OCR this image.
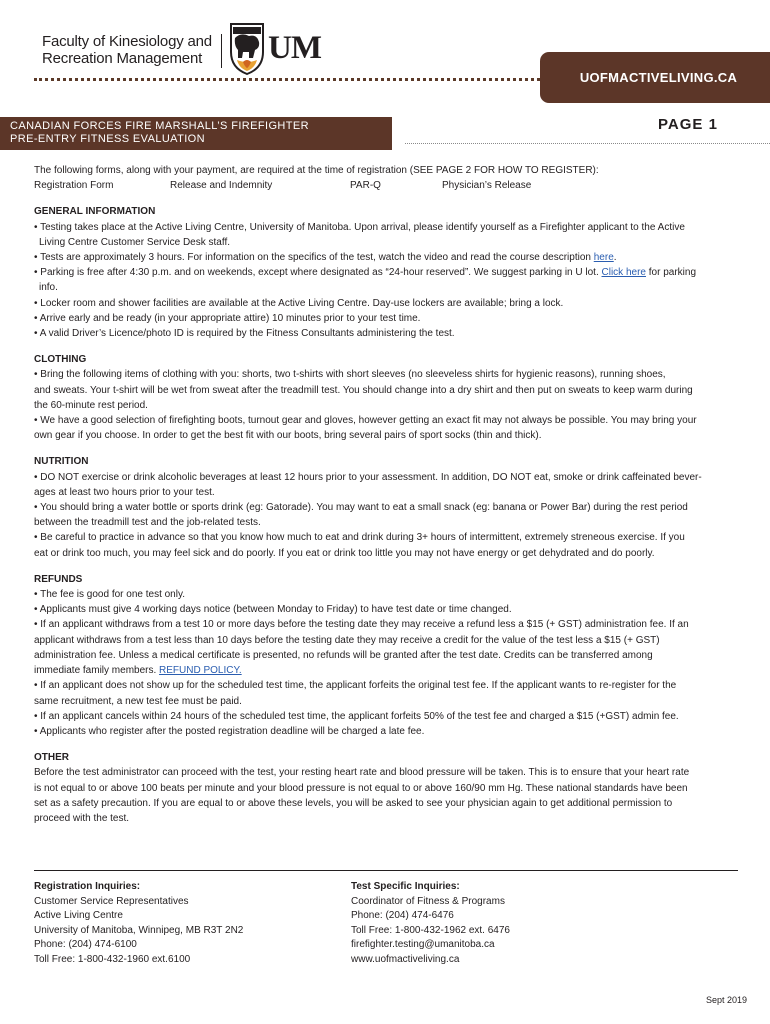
Faculty of Kinesiology and
Recreation Management UM
UOFMACTIVELIVING.CA
CANADIAN FORCES FIRE MARSHALL’S FIREFIGHTER
PRE-ENTRY FITNESS EVALUATION
PAGE 1

The following forms, along with your payment, are required at the time of registration (SEE PAGE 2 FOR HOW TO REGISTER):

Registration Form	Release and Indemnity	PAR-Q	Physician’s Release

GENERAL INFORMATION

• Testing takes place at the Active Living Centre, University of Manitoba. Upon arrival, please identify yourself as a Firefighter applicant to the Active

Living Centre Customer Service Desk staff.

• Tests are approximately 3 hours. For information on the specifics of the test, watch the video and read the course description here.

• Parking is free after 4:30 p.m. and on weekends, except where designated as “24-hour reserved”. We suggest parking in U lot. Click here for parking

info.

• Locker room and shower facilities are available at the Active Living Centre. Day-use lockers are available; bring a lock.

• Arrive early and be ready (in your appropriate attire) 10 minutes prior to your test time.

• A valid Driver’s Licence/photo ID is required by the Fitness Consultants administering the test.

CLOTHING

• Bring the following items of clothing with you: shorts, two t-shirts with short sleeves (no sleeveless shirts for hygienic reasons), running shoes,

and sweats. Your t-shirt will be wet from sweat after the treadmill test. You should change into a dry shirt and then put on sweats to keep warm during

the 60-minute rest period.

• We have a good selection of firefighting boots, turnout gear and gloves, however getting an exact fit may not always be possible. You may bring your

own gear if you choose. In order to get the best fit with our boots, bring several pairs of sport socks (thin and thick).

NUTRITION

• DO NOT exercise or drink alcoholic beverages at least 12 hours prior to your assessment. In addition, DO NOT eat, smoke or drink caffeinated bever-

ages at least two hours prior to your test.

• You should bring a water bottle or sports drink (eg: Gatorade). You may want to eat a small snack (eg: banana or Power Bar) during the rest period

between the treadmill test and the job-related tests.

• Be careful to practice in advance so that you know how much to eat and drink during 3+ hours of intermittent, extremely streneous exercise. If you

eat or drink too much, you may feel sick and do poorly. If you eat or drink too little you may not have energy or get dehydrated and do poorly.

REFUNDS

• The fee is good for one test only.

• Applicants must give 4 working days notice (between Monday to Friday) to have test date or time changed.

• If an applicant withdraws from a test 10 or more days before the testing date they may receive a refund less a $15 (+ GST) administration fee. If an

applicant withdraws from a test less than 10 days before the testing date they may receive a credit for the value of the test less a $15 (+ GST)

administration fee. Unless a medical certificate is presented, no refunds will be granted after the test date. Credits can be transferred among

immediate family members. REFUND POLICY.

• If an applicant does not show up for the scheduled test time, the applicant forfeits the original test fee. If the applicant wants to re-register for the

same recruitment, a new test fee must be paid.

• If an applicant cancels within 24 hours of the scheduled test time, the applicant forfeits 50% of the test fee and charged a $15 (+GST) admin fee.

• Applicants who register after the posted registration deadline will be charged a late fee.

OTHER

Before the test administrator can proceed with the test, your resting heart rate and blood pressure will be taken. This is to ensure that your heart rate

is not equal to or above 100 beats per minute and your blood pressure is not equal to or above 160/90 mm Hg. These national standards have been

set as a safety precaution. If you are equal to or above these levels, you will be asked to see your physician again to get additional permission to

proceed with the test.

Registration Inquiries:
Customer Service Representatives
Active Living Centre
University of Manitoba, Winnipeg, MB R3T 2N2
Phone: (204) 474-6100
Toll Free: 1-800-432-1960 ext.6100
Test Specific Inquiries:
Coordinator of Fitness & Programs
Phone: (204) 474-6476
Toll Free: 1-800-432-1962 ext. 6476
firefighter.testing@umanitoba.ca
www.uofmactiveliving.ca
Sept 2019
